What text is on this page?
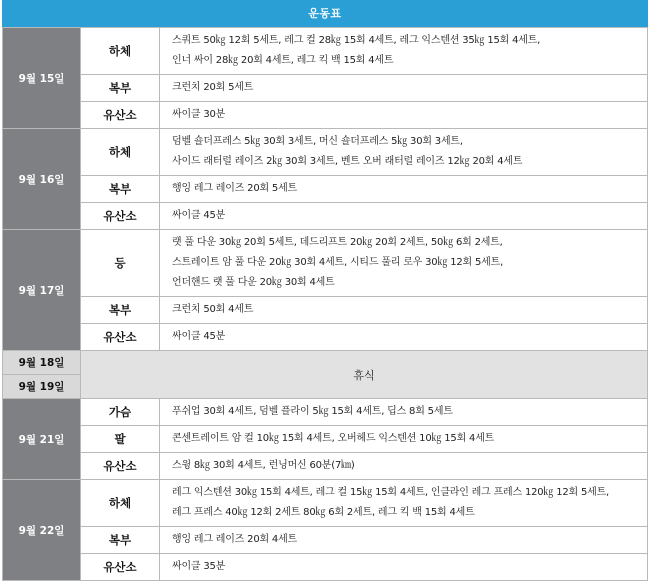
운동표
9월 15일	하체	스쿼트 50㎏ 12회 5세트, 레그 컬 28㎏ 15회 4세트, 레그 익스텐션 35㎏ 15회 4세트,
인너 싸이 28㎏ 20회 4세트, 레그 킥 백 15회 4세트

	복부	크런치 20회 5세트

	유산소	싸이클 30분

9월 16일	하체	덤벨 숄더프레스 5㎏ 30회 3세트, 머신 숄더프레스 5㎏ 30회 3세트,
사이드 래터럴 레이즈 2㎏ 30회 3세트, 벤트 오버 래터럴 레이즈 12㎏ 20회 4세트

	복부	행잉 레그 레이즈 20회 5세트

	유산소	싸이클 45분

9월 17일	등	랫 풀 다운 30㎏ 20회 5세트, 데드리프트 20㎏ 20회 2세트, 50㎏ 6회 2세트,
스트레이트 암 풀 다운 20㎏ 30회 4세트, 시티드 풀리 로우 30㎏ 12회 5세트,
언더핸드 랫 풀 다운 20㎏ 30회 4세트

	복부	크런치 50회 4세트

	유산소	싸이클 45분

9월 18일	휴식	
9월 19일		
9월 21일	가슴	푸쉬업 30회 4세트, 덤벨 플라이 5㎏ 15회 4세트, 딥스 8회 5세트

	팔	콘센트레이트 암 컬 10㎏ 15회 4세트, 오버헤드 익스텐션 10㎏ 15회 4세트

	유산소	스윙 8㎏ 30회 4세트, 런닝머신 60분(7㎞)

9월 22일	하체	레그 익스텐션 30㎏ 15회 4세트, 레그 컬 15㎏ 15회 4세트, 인클라인 레그 프레스 120㎏ 12회 5세트,
레그 프레스 40㎏ 12회 2세트 80㎏ 6회 2세트, 레그 킥 백 15회 4세트

	복부	행잉 레그 레이즈 20회 4세트

	유산소	싸이클 35분
